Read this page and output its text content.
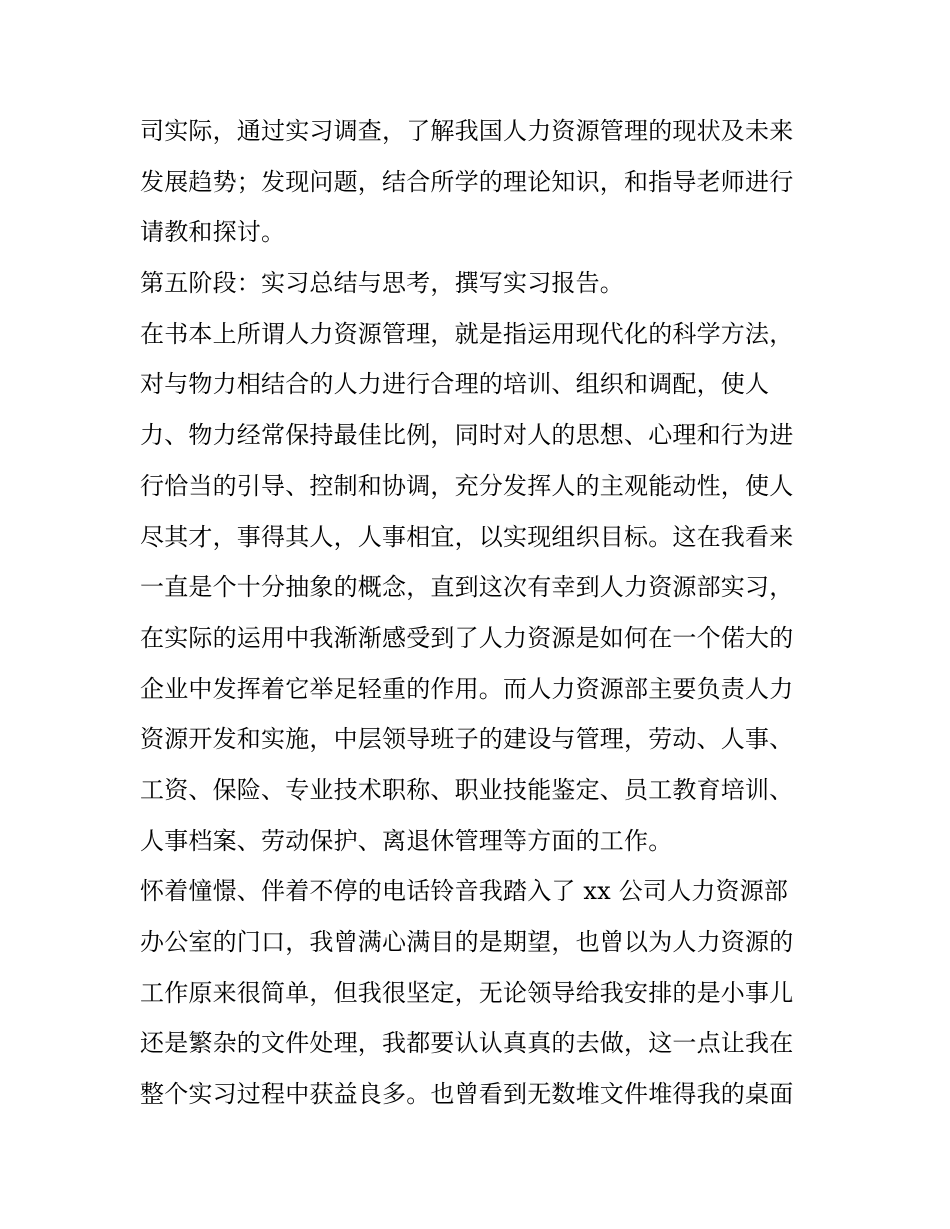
司实际，通过实习调查，了解我国人力资源管理的现状及未来
发展趋势；发现问题，结合所学的理论知识，和指导老师进行
请教和探讨。
第五阶段：实习总结与思考，撰写实习报告。
在书本上所谓人力资源管理，就是指运用现代化的科学方法，
对与物力相结合的人力进行合理的培训、组织和调配，使人
力、物力经常保持最佳比例，同时对人的思想、心理和行为进
行恰当的引导、控制和协调，充分发挥人的主观能动性，使人
尽其才，事得其人，人事相宜，以实现组织目标。这在我看来
一直是个十分抽象的概念，直到这次有幸到人力资源部实习，
在实际的运用中我渐渐感受到了人力资源是如何在一个偌大的
企业中发挥着它举足轻重的作用。而人力资源部主要负责人力
资源开发和实施，中层领导班子的建设与管理，劳动、人事、
工资、保险、专业技术职称、职业技能鉴定、员工教育培训、
人事档案、劳动保护、离退休管理等方面的工作。
怀着憧憬、伴着不停的电话铃音我踏入了 xx 公司人力资源部
办公室的门口，我曾满心满目的是期望，也曾以为人力资源的
工作原来很简单，但我很坚定，无论领导给我安排的是小事儿
还是繁杂的文件处理，我都要认认真真的去做，这一点让我在
整个实习过程中获益良多。也曾看到无数堆文件堆得我的桌面
